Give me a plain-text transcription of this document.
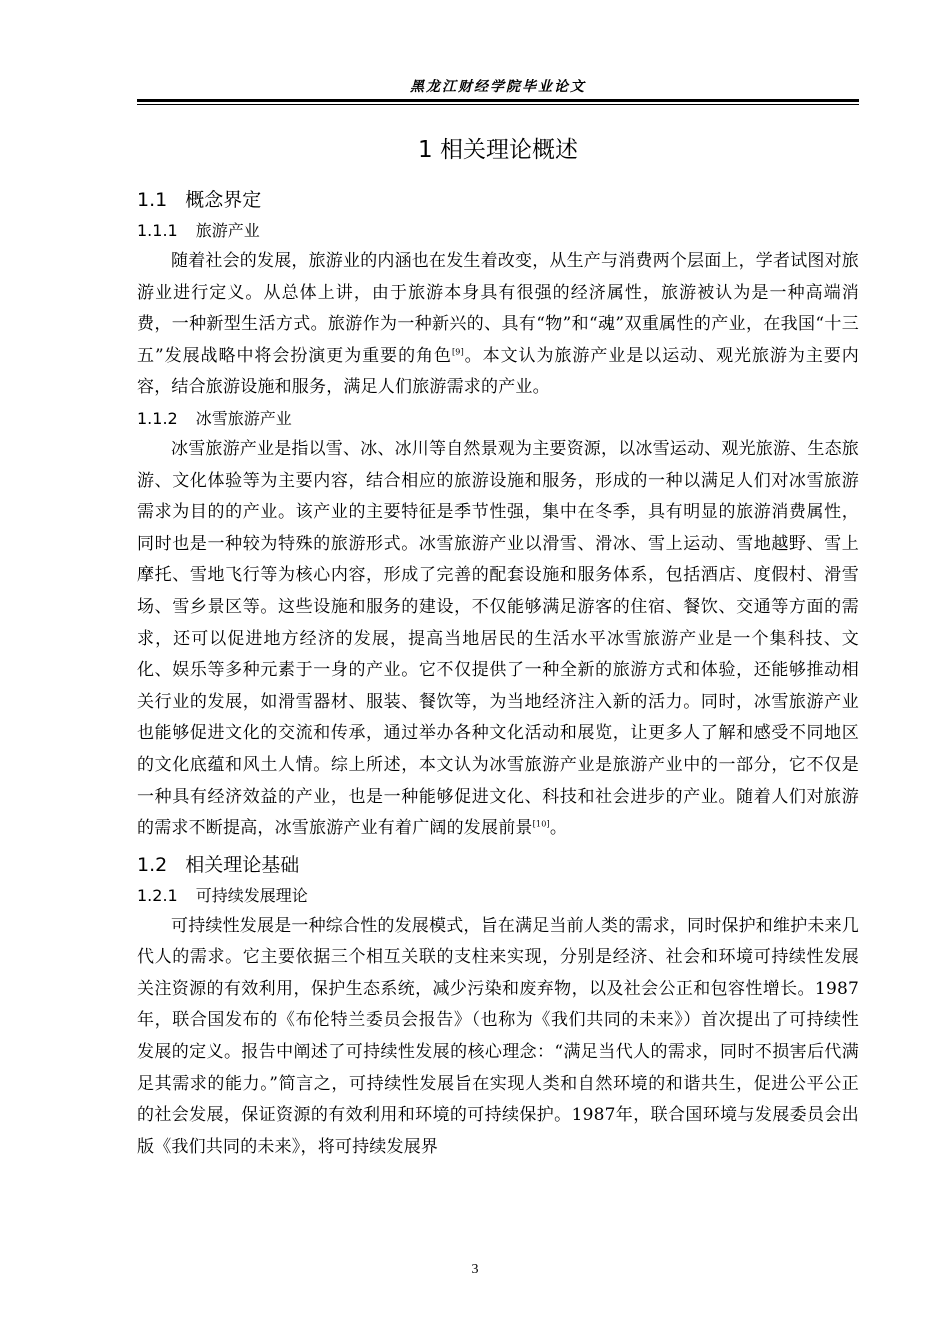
黑龙江财经学院毕业论文
1 相关理论概述
1.1 概念界定
1.1.1 旅游产业

随着社会的发展，旅游业的内涵也在发生着改变，从生产与消费两个层面上，学者试图对旅游业进行定义。从总体上讲，由于旅游本身具有很强的经济属性，旅游被认为是一种高端消费，一种新型生活方式。旅游作为一种新兴的、具有“物”和“魂”双重属性的产业，在我国“十三五”发展战略中将会扮演更为重要的角色[9]。本文认为旅游产业是以运动、观光旅游为主要内容，结合旅游设施和服务，满足人们旅游需求的产业。

1.1.2 冰雪旅游产业

冰雪旅游产业是指以雪、冰、冰川等自然景观为主要资源，以冰雪运动、观光旅游、生态旅游、文化体验等为主要内容，结合相应的旅游设施和服务，形成的一种以满足人们对冰雪旅游需求为目的的产业。该产业的主要特征是季节性强，集中在冬季，具有明显的旅游消费属性，同时也是一种较为特殊的旅游形式。冰雪旅游产业以滑雪、滑冰、雪上运动、雪地越野、雪上摩托、雪地飞行等为核心内容，形成了完善的配套设施和服务体系，包括酒店、度假村、滑雪场、雪乡景区等。这些设施和服务的建设，不仅能够满足游客的住宿、餐饮、交通等方面的需求，还可以促进地方经济的发展，提高当地居民的生活水平冰雪旅游产业是一个集科技、文化、娱乐等多种元素于一身的产业。它不仅提供了一种全新的旅游方式和体验，还能够推动相关行业的发展，如滑雪器材、服装、餐饮等，为当地经济注入新的活力。同时，冰雪旅游产业也能够促进文化的交流和传承，通过举办各种文化活动和展览，让更多人了解和感受不同地区的文化底蕴和风土人情。综上所述，本文认为冰雪旅游产业是旅游产业中的一部分，它不仅是一种具有经济效益的产业，也是一种能够促进文化、科技和社会进步的产业。随着人们对旅游的需求不断提高，冰雪旅游产业有着广阔的发展前景[10]。

1.2 相关理论基础
1.2.1 可持续发展理论

可持续性发展是一种综合性的发展模式，旨在满足当前人类的需求，同时保护和维护未来几代人的需求。它主要依据三个相互关联的支柱来实现，分别是经济、社会和环境可持续性发展关注资源的有效利用，保护生态系统，减少污染和废弃物，以及社会公正和包容性增长。1987年，联合国发布的《布伦特兰委员会报告》（也称为《我们共同的未来》）首次提出了可持续性发展的定义。报告中阐述了可持续性发展的核心理念：“满足当代人的需求，同时不损害后代满足其需求的能力。”简言之，可持续性发展旨在实现人类和自然环境的和谐共生，促进公平公正的社会发展，保证资源的有效利用和环境的可持续保护。1987年，联合国环境与发展委员会出版《我们共同的未来》，将可持续发展界

3
